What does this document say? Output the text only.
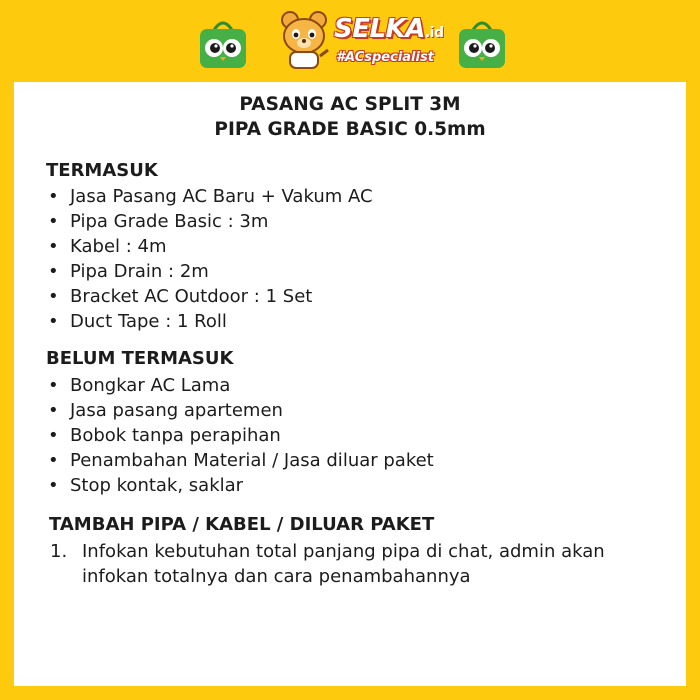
SELKA.id
#ACspecialist
PASANG AC SPLIT 3M
PIPA GRADE BASIC 0.5mm
TERMASUK
• Jasa Pasang AC Baru + Vakum AC
• Pipa Grade Basic : 3m
• Kabel : 4m
• Pipa Drain : 2m
• Bracket AC Outdoor : 1 Set
• Duct Tape : 1 Roll
BELUM TERMASUK
• Bongkar AC Lama
• Jasa pasang apartemen
• Bobok tanpa perapihan
• Penambahan Material / Jasa diluar paket
• Stop kontak, saklar
TAMBAH PIPA / KABEL / DILUAR PAKET
1. Infokan kebutuhan total panjang pipa di chat, admin akan infokan totalnya dan cara penambahannya
